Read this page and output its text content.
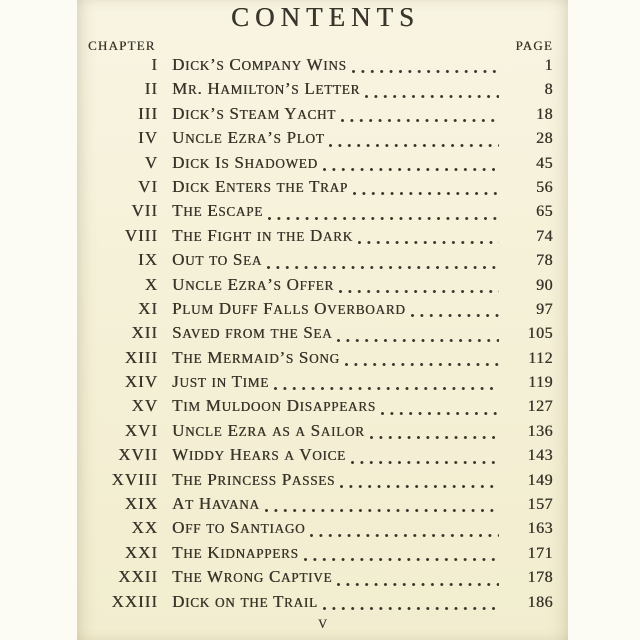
CONTENTS
CHAPTER	PAGE
I DICK’S COMPANY WINS	1
II MR. HAMILTON’S LETTER	8
III DICK’S STEAM YACHT	18
IV UNCLE EZRA’S PLOT	28
V DICK IS SHADOWED	45
VI DICK ENTERS THE TRAP	56
VII THE ESCAPE	65
VIII THE FIGHT IN THE DARK	74
IX OUT TO SEA	78
X UNCLE EZRA’S OFFER	90
XI PLUM DUFF FALLS OVERBOARD	97
XII SAVED FROM THE SEA	105
XIII THE MERMAID’S SONG	112
XIV JUST IN TIME	119
XV TIM MULDOON DISAPPEARS	127
XVI UNCLE EZRA AS A SAILOR	136
XVII WIDDY HEARS A VOICE	143
XVIII THE PRINCESS PASSES	149
XIX AT HAVANA	157
XX OFF TO SANTIAGO	163
XXI THE KIDNAPPERS	171
XXII THE WRONG CAPTIVE	178
XXIII DICK ON THE TRAIL	186
V
